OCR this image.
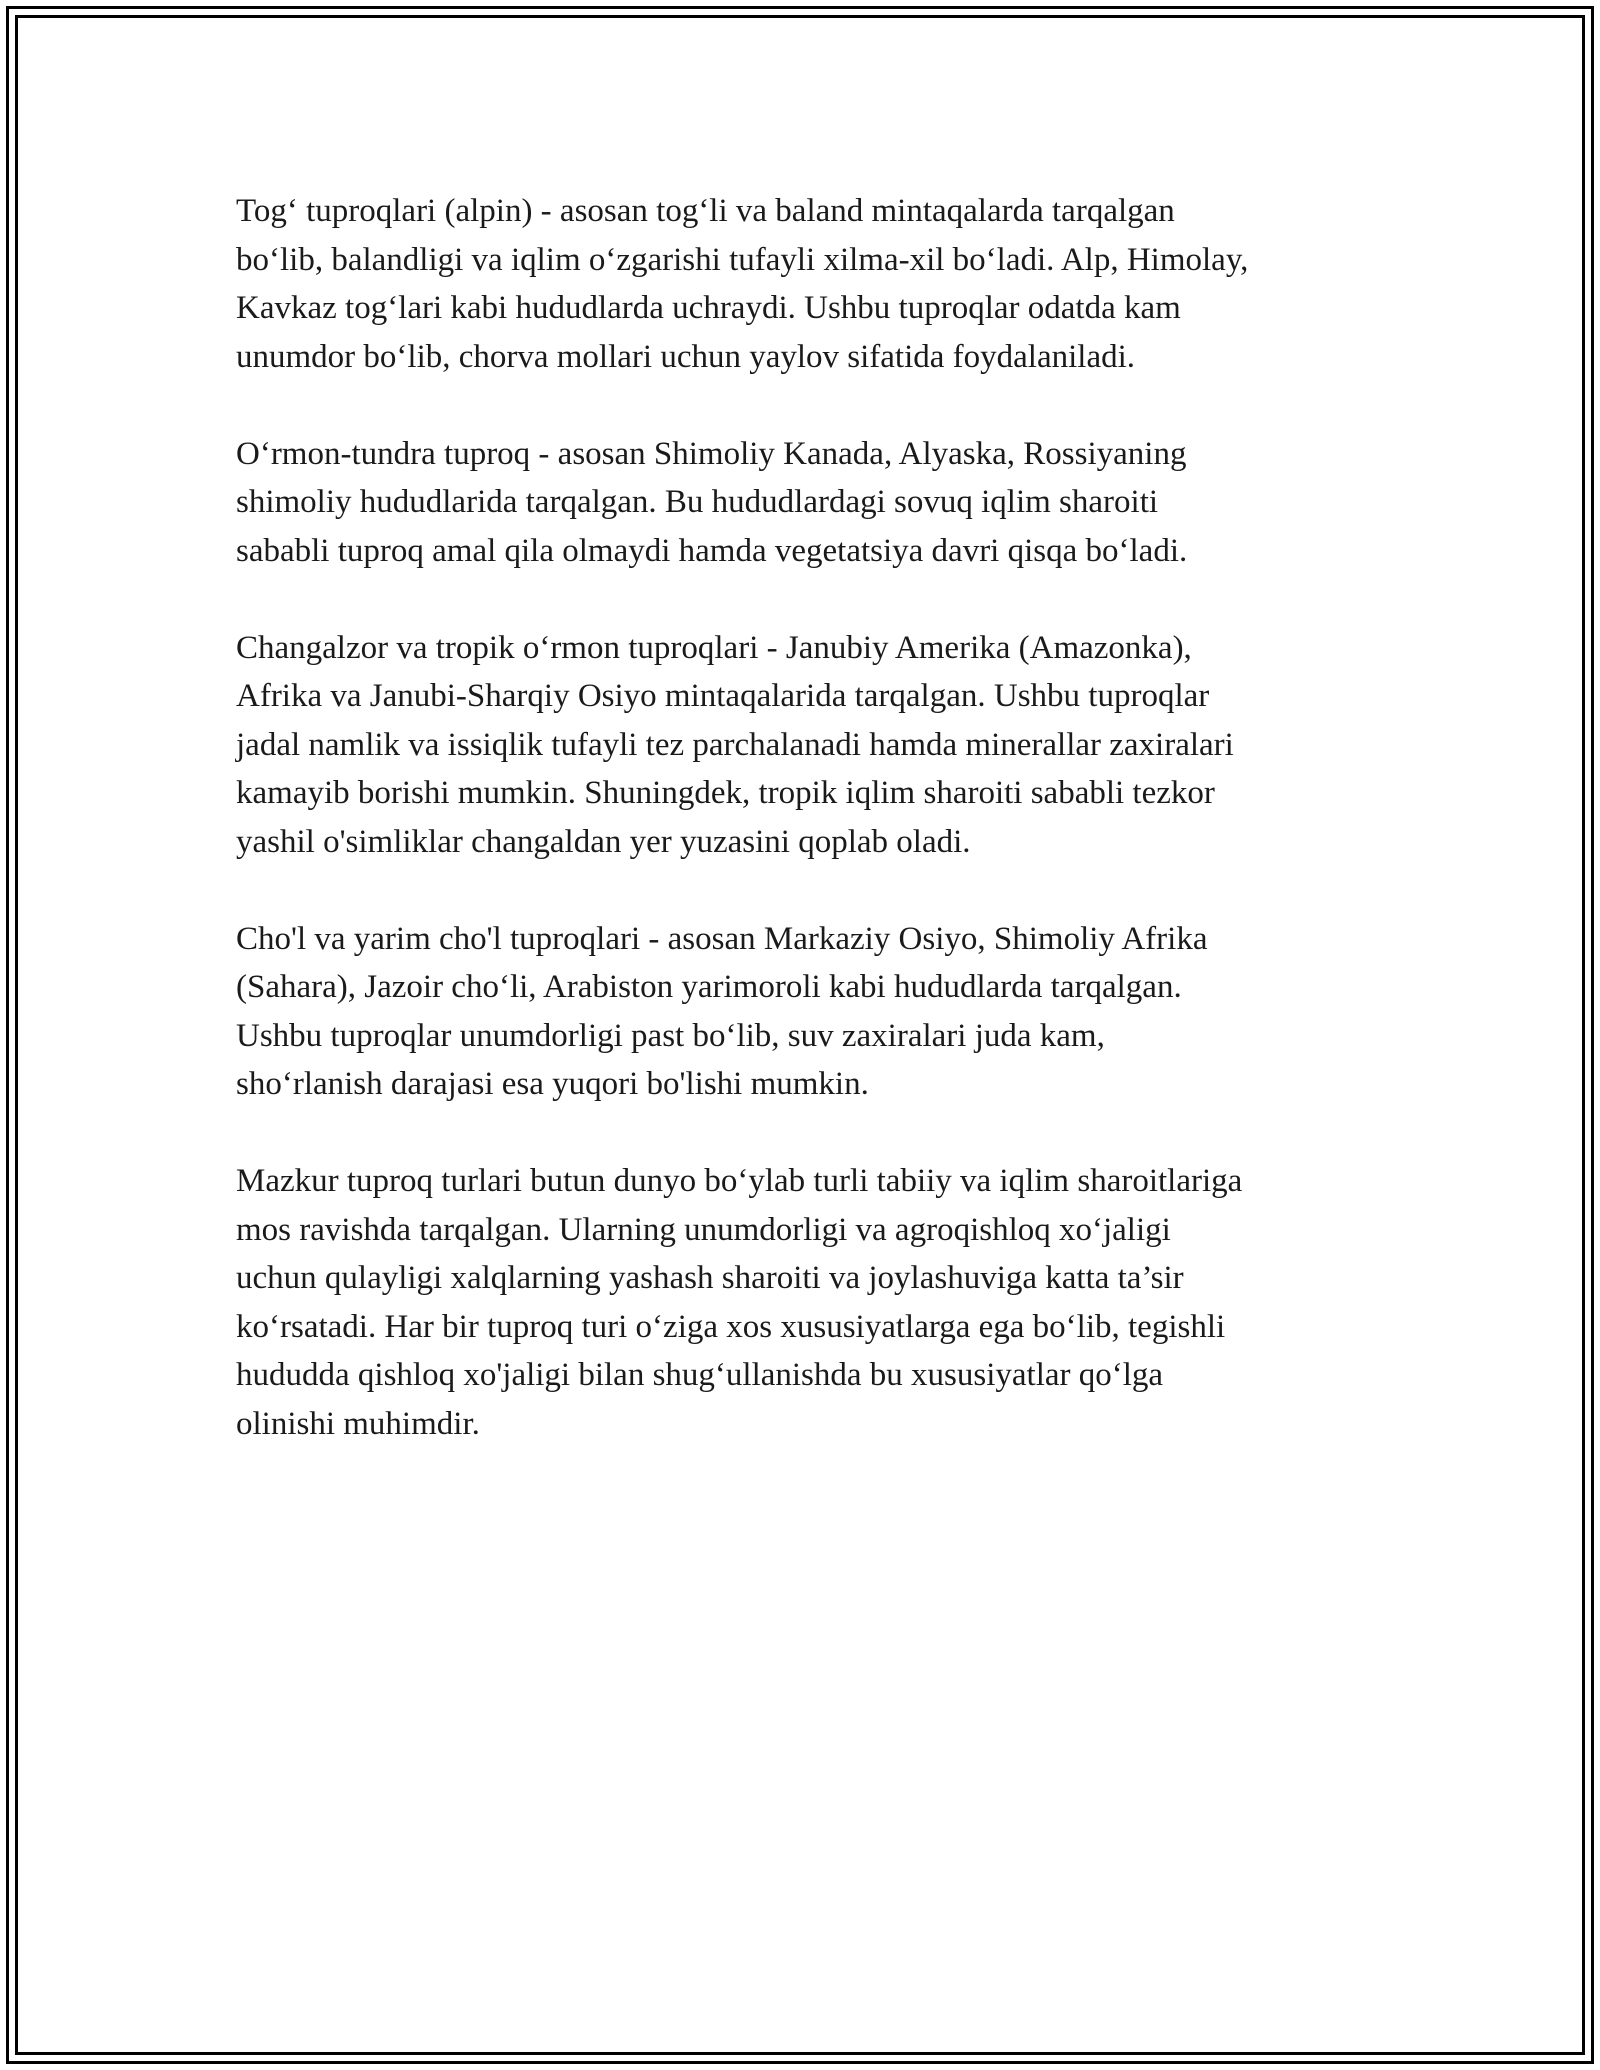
Tog‘ tuproqlari (alpin) - asosan tog‘li va baland mintaqalarda tarqalgan
bo‘lib, balandligi va iqlim o‘zgarishi tufayli xilma-xil bo‘ladi. Alp, Himolay,
Kavkaz tog‘lari kabi hududlarda uchraydi. Ushbu tuproqlar odatda kam
unumdor bo‘lib, chorva mollari uchun yaylov sifatida foydalaniladi.

O‘rmon-tundra tuproq - asosan Shimoliy Kanada, Alyaska, Rossiyaning
shimoliy hududlarida tarqalgan. Bu hududlardagi sovuq iqlim sharoiti
sababli tuproq amal qila olmaydi hamda vegetatsiya davri qisqa bo‘ladi.

Changalzor va tropik o‘rmon tuproqlari - Janubiy Amerika (Amazonka),
Afrika va Janubi-Sharqiy Osiyo mintaqalarida tarqalgan. Ushbu tuproqlar
jadal namlik va issiqlik tufayli tez parchalanadi hamda minerallar zaxiralari
kamayib borishi mumkin. Shuningdek, tropik iqlim sharoiti sababli tezkor
yashil o'simliklar changaldan yer yuzasini qoplab oladi.

Cho'l va yarim cho'l tuproqlari - asosan Markaziy Osiyo, Shimoliy Afrika
(Sahara), Jazoir cho‘li, Arabiston yarimoroli kabi hududlarda tarqalgan.
Ushbu tuproqlar unumdorligi past bo‘lib, suv zaxiralari juda kam,
sho‘rlanish darajasi esa yuqori bo'lishi mumkin.

Mazkur tuproq turlari butun dunyo bo‘ylab turli tabiiy va iqlim sharoitlariga
mos ravishda tarqalgan. Ularning unumdorligi va agroqishloq xo‘jaligi
uchun qulayligi xalqlarning yashash sharoiti va joylashuviga katta ta’sir
ko‘rsatadi. Har bir tuproq turi o‘ziga xos xususiyatlarga ega bo‘lib, tegishli
hududda qishloq xo'jaligi bilan shug‘ullanishda bu xususiyatlar qo‘lga
olinishi muhimdir.
